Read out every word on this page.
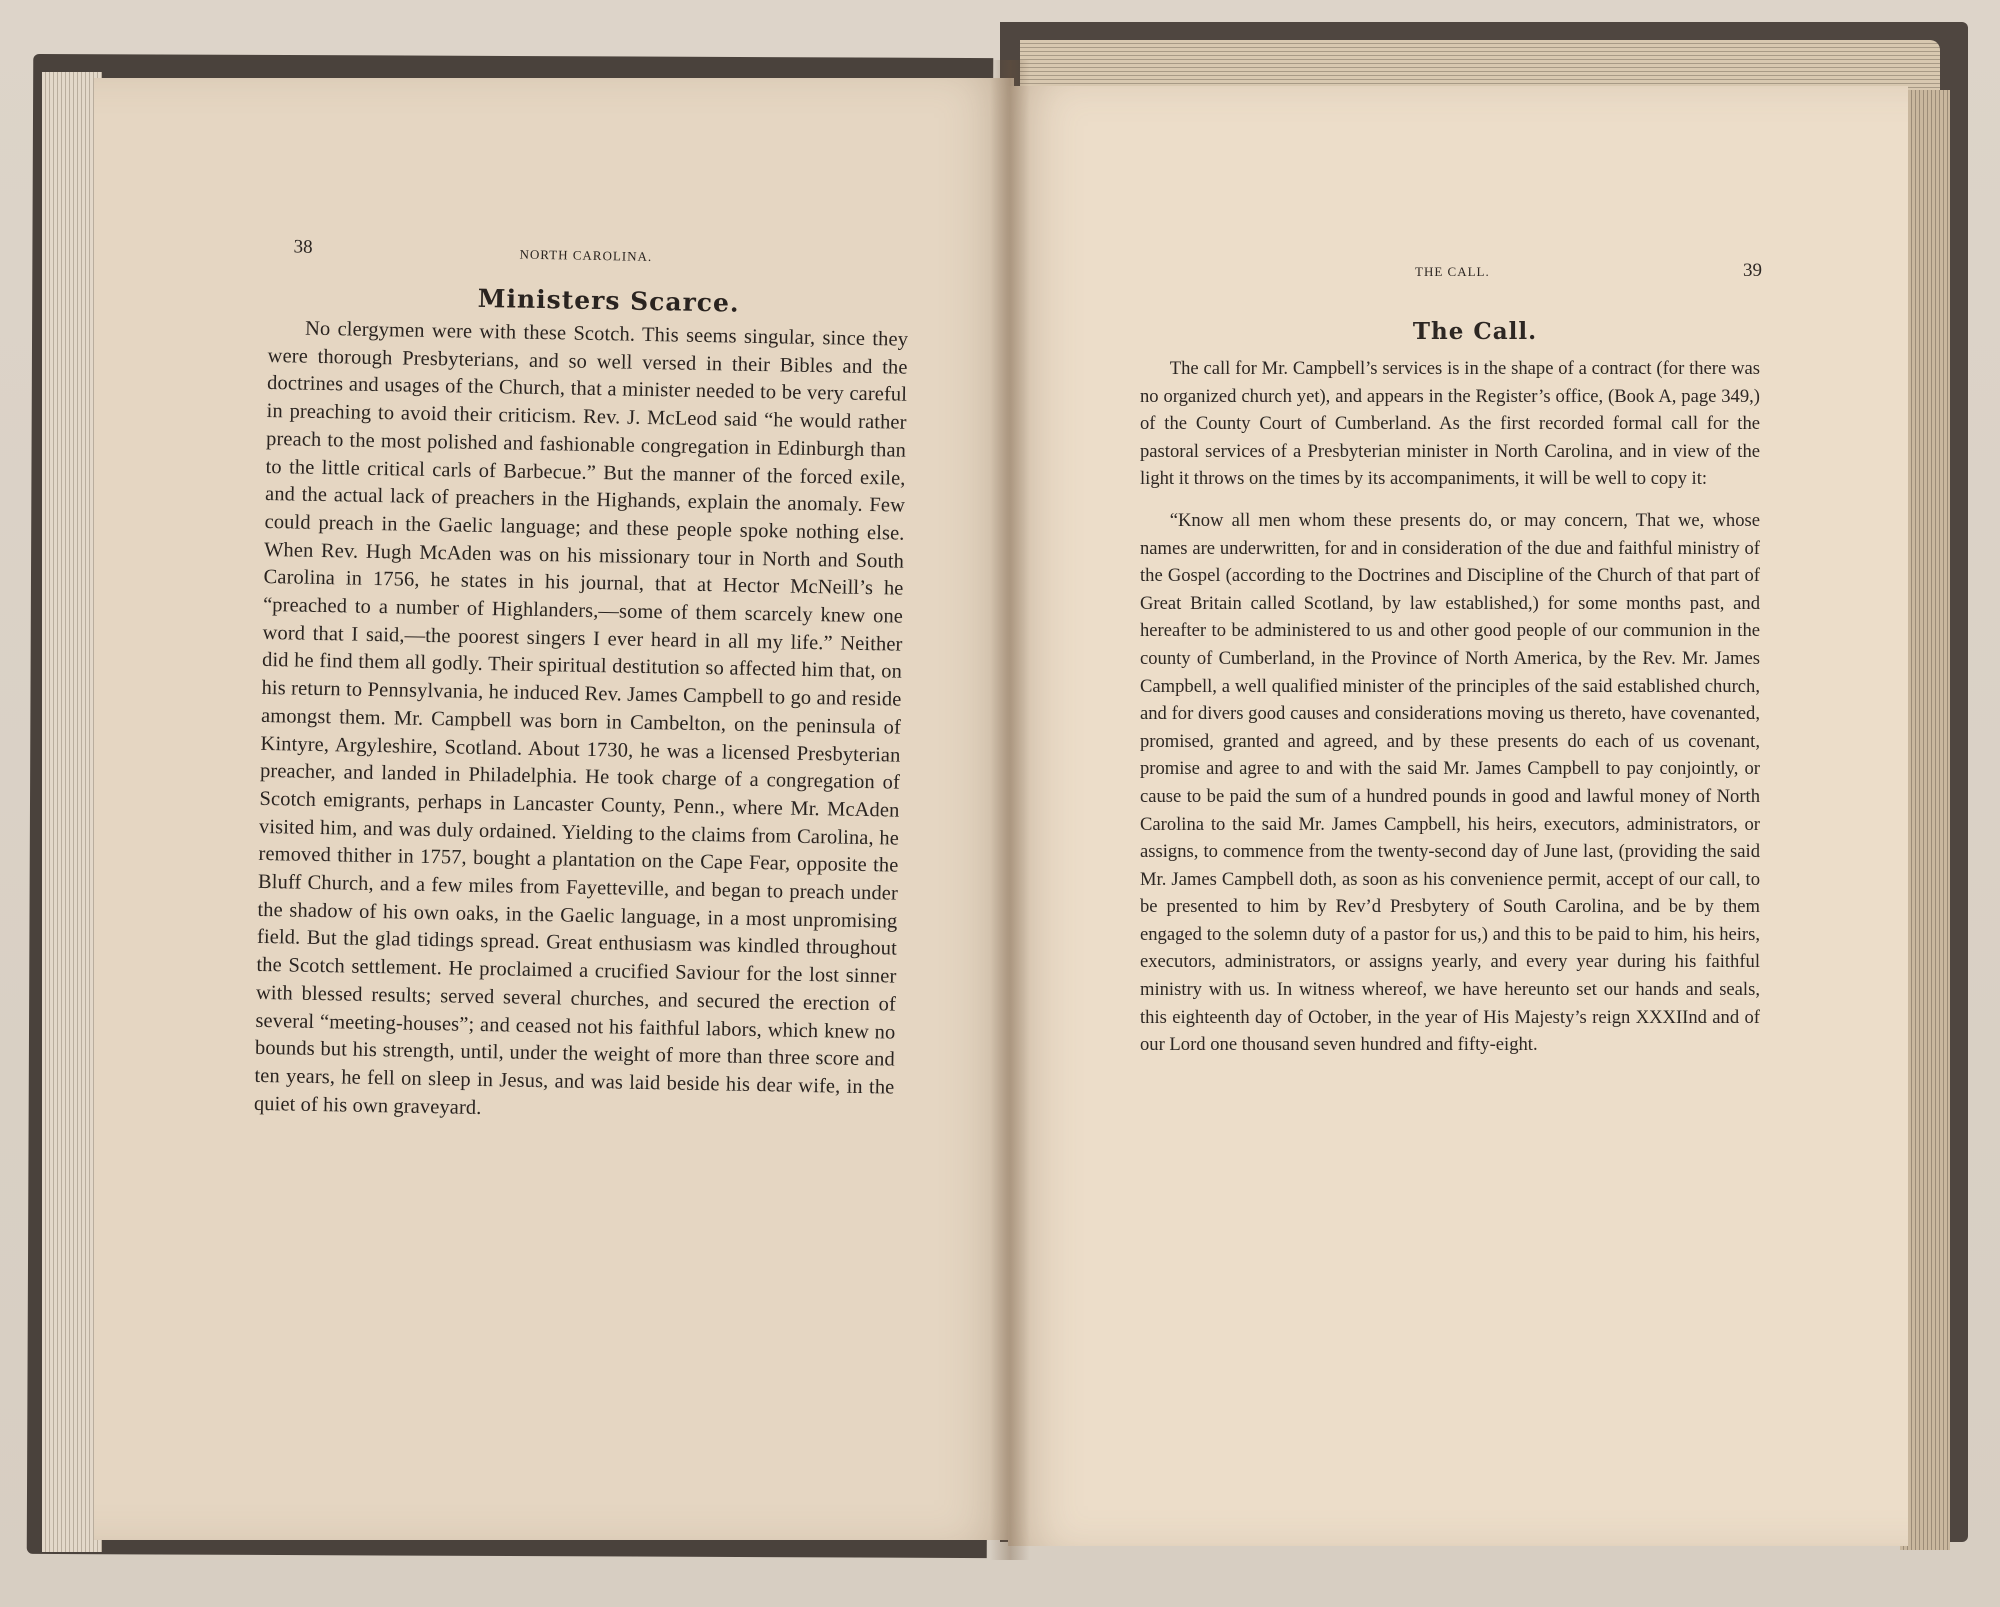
38	NORTH CAROLINA.
Ministers Scarce.

No clergymen were with these Scotch. This seems singular, since they were thorough Presbyterians, and so well versed in their Bibles and the doctrines and usages of the Church, that a minister needed to be very careful in preaching to avoid their criticism. Rev. J. McLeod said “he would rather preach to the most polished and fashionable congregation in Edinburgh than to the little critical carls of Barbecue.” But the manner of the forced exile, and the actual lack of preachers in the Highands, explain the anomaly. Few could preach in the Gaelic language; and these people spoke nothing else. When Rev. Hugh McAden was on his missionary tour in North and South Carolina in 1756, he states in his journal, that at Hector McNeill’s he “preached to a number of Highlanders,—some of them scarcely knew one word that I said,—the poorest singers I ever heard in all my life.” Neither did he find them all godly. Their spiritual destitution so affected him that, on his return to Pennsylvania, he induced Rev. James Campbell to go and reside amongst them. Mr. Campbell was born in Cambelton, on the peninsula of Kintyre, Argyleshire, Scotland. About 1730, he was a licensed Presbyterian preacher, and landed in Philadelphia. He took charge of a congregation of Scotch emigrants, perhaps in Lancaster County, Penn., where Mr. McAden visited him, and was duly ordained. Yielding to the claims from Carolina, he removed thither in 1757, bought a plantation on the Cape Fear, opposite the Bluff Church, and a few miles from Fayetteville, and began to preach under the shadow of his own oaks, in the Gaelic language, in a most unpromising field. But the glad tidings spread. Great enthusiasm was kindled throughout the Scotch settlement. He proclaimed a crucified Saviour for the lost sinner with blessed results; served several churches, and secured the erection of several “meeting-houses”; and ceased not his faithful labors, which knew no bounds but his strength, until, under the weight of more than three score and ten years, he fell on sleep in Jesus, and was laid beside his dear wife, in the quiet of his own graveyard.

THE CALL.	39
The Call.

The call for Mr. Campbell’s services is in the shape of a contract (for there was no organized church yet), and appears in the Register’s office, (Book A, page 349,) of the County Court of Cumberland. As the first recorded formal call for the pastoral services of a Presbyterian minister in North Carolina, and in view of the light it throws on the times by its accompaniments, it will be well to copy it:

“Know all men whom these presents do, or may concern, That we, whose names are underwritten, for and in consideration of the due and faithful ministry of the Gospel (according to the Doctrines and Discipline of the Church of that part of Great Britain called Scotland, by law established,) for some months past, and hereafter to be administered to us and other good people of our communion in the county of Cumberland, in the Province of North America, by the Rev. Mr. James Campbell, a well qualified minister of the principles of the said established church, and for divers good causes and considerations moving us thereto, have covenanted, promised, granted and agreed, and by these presents do each of us covenant, promise and agree to and with the said Mr. James Campbell to pay conjointly, or cause to be paid the sum of a hundred pounds in good and lawful money of North Carolina to the said Mr. James Campbell, his heirs, executors, administrators, or assigns, to commence from the twenty-second day of June last, (providing the said Mr. James Campbell doth, as soon as his convenience permit, accept of our call, to be presented to him by Rev’d Presbytery of South Carolina, and be by them engaged to the solemn duty of a pastor for us,) and this to be paid to him, his heirs, executors, administrators, or assigns yearly, and every year during his faithful ministry with us. In witness whereof, we have hereunto set our hands and seals, this eighteenth day of October, in the year of His Majesty’s reign XXXIInd and of our Lord one thousand seven hundred and fifty-eight.
